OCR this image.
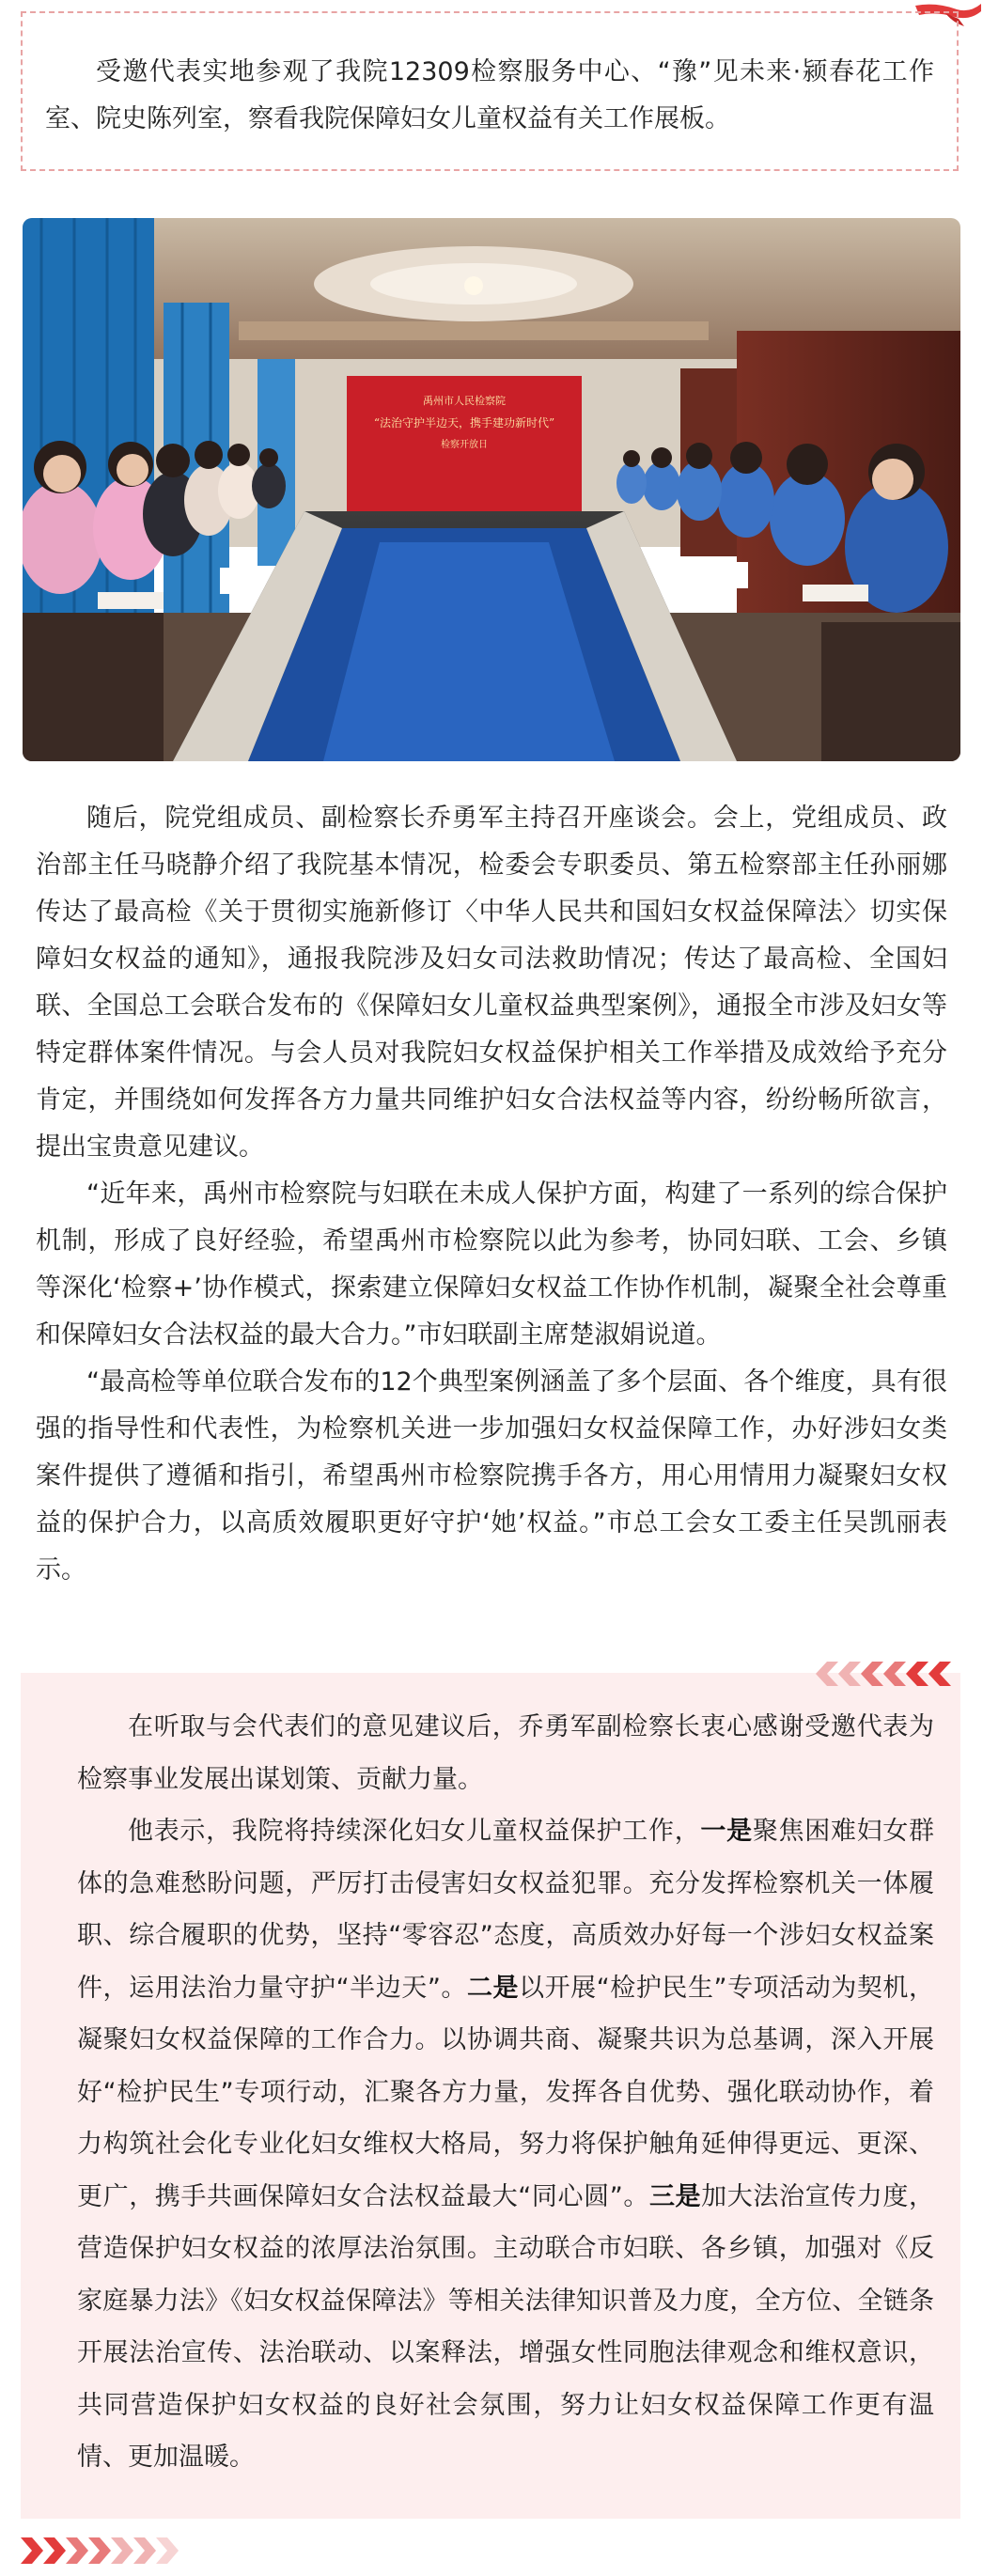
受邀代表实地参观了我院12309检察服务中心、“豫”见未来·颍春花工作室、院史陈列室，察看我院保障妇女儿童权益有关工作展板。

禹州市人民检察院
“法治守护半边天，携手建功新时代”
检察开放日

随后，院党组成员、副检察长乔勇军主持召开座谈会。会上，党组成员、政治部主任马晓静介绍了我院基本情况，检委会专职委员、第五检察部主任孙丽娜传达了最高检《关于贯彻实施新修订〈中华人民共和国妇女权益保障法〉切实保障妇女权益的通知》，通报我院涉及妇女司法救助情况；传达了最高检、全国妇联、全国总工会联合发布的《保障妇女儿童权益典型案例》，通报全市涉及妇女等特定群体案件情况。与会人员对我院妇女权益保护相关工作举措及成效给予充分肯定，并围绕如何发挥各方力量共同维护妇女合法权益等内容，纷纷畅所欲言，提出宝贵意见建议。

“近年来，禹州市检察院与妇联在未成人保护方面，构建了一系列的综合保护机制，形成了良好经验，希望禹州市检察院以此为参考，协同妇联、工会、乡镇等深化‘检察+’协作模式，探索建立保障妇女权益工作协作机制，凝聚全社会尊重和保障妇女合法权益的最大合力。”市妇联副主席楚淑娟说道。

“最高检等单位联合发布的12个典型案例涵盖了多个层面、各个维度，具有很强的指导性和代表性，为检察机关进一步加强妇女权益保障工作，办好涉妇女类案件提供了遵循和指引，希望禹州市检察院携手各方，用心用情用力凝聚妇女权益的保护合力，以高质效履职更好守护‘她’权益。”市总工会女工委主任吴凯丽表示。

在听取与会代表们的意见建议后，乔勇军副检察长衷心感谢受邀代表为检察事业发展出谋划策、贡献力量。

他表示，我院将持续深化妇女儿童权益保护工作，一是聚焦困难妇女群体的急难愁盼问题，严厉打击侵害妇女权益犯罪。充分发挥检察机关一体履职、综合履职的优势，坚持“零容忍”态度，高质效办好每一个涉妇女权益案件，运用法治力量守护“半边天”。二是以开展“检护民生”专项活动为契机，凝聚妇女权益保障的工作合力。以协调共商、凝聚共识为总基调，深入开展好“检护民生”专项行动，汇聚各方力量，发挥各自优势、强化联动协作，着力构筑社会化专业化妇女维权大格局，努力将保护触角延伸得更远、更深、更广，携手共画保障妇女合法权益最大“同心圆”。三是加大法治宣传力度，营造保护妇女权益的浓厚法治氛围。主动联合市妇联、各乡镇，加强对《反家庭暴力法》《妇女权益保障法》等相关法律知识普及力度，全方位、全链条开展法治宣传、法治联动、以案释法，增强女性同胞法律观念和维权意识，共同营造保护妇女权益的良好社会氛围，努力让妇女权益保障工作更有温情、更加温暖。
